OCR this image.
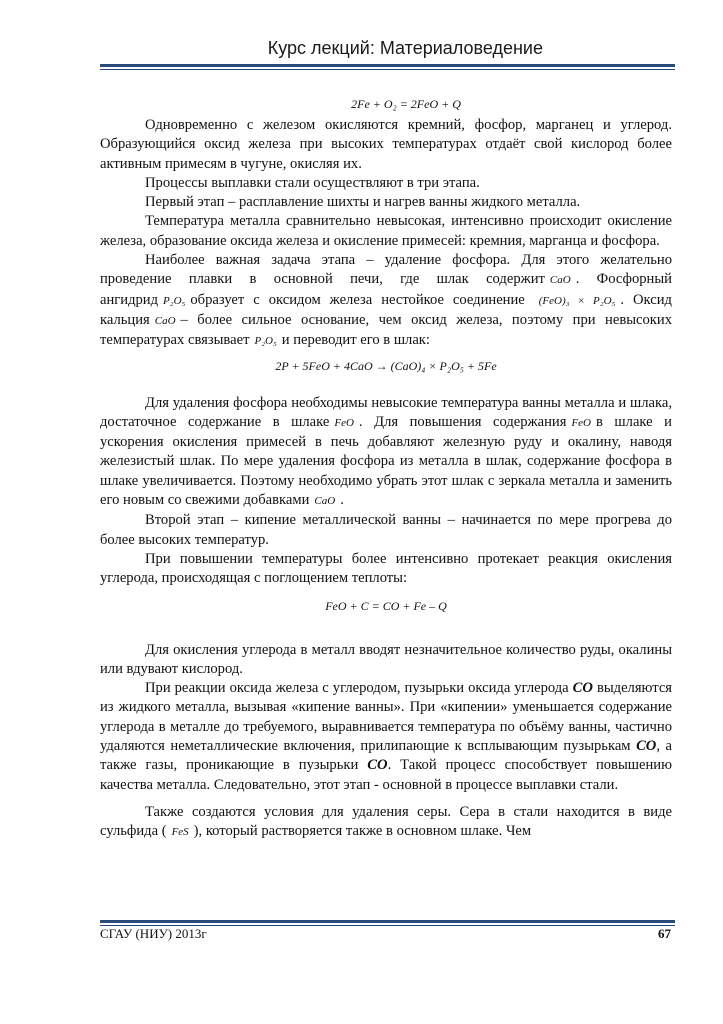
Курс лекций: Материаловедение

2Fe + O₂ = 2FeO + Q

Одновременно с железом окисляются кремний, фосфор, марганец и углерод. Образующийся оксид железа при высоких температурах отдаёт свой кислород более активным примесям в чугуне, окисляя их.

Процессы выплавки стали осуществляют в три этапа.

Первый этап – расплавление шихты и нагрев ванны жидкого металла.

Температура металла сравнительно невысокая, интенсивно происходит окисление железа, образование оксида железа и окисление примесей: кремния, марганца и фосфора.

Наиболее важная задача этапа – удаление фосфора. Для этого желательно проведение плавки в основной печи, где шлак содержит CaO . Фосфорный ангидрид P₂O₅ образует с оксидом железа нестойкое соединение (FeO)₃ × P₂O₅ . Оксид кальция CaO – более сильное основание, чем оксид железа, поэтому при невысоких температурах связывает P₂O₅ и переводит его в шлак:

2P + 5FeO + 4CaO → (CaO)₄ × P₂O₅ + 5Fe

Для удаления фосфора необходимы невысокие температура ванны металла и шлака, достаточное содержание в шлаке FeO . Для повышения содержания FeO в шлаке и ускорения окисления примесей в печь добавляют железную руду и окалину, наводя железистый шлак. По мере удаления фосфора из металла в шлак, содержание фосфора в шлаке увеличивается. Поэтому необходимо убрать этот шлак с зеркала металла и заменить его новым со свежими добавками CaO .

Второй этап – кипение металлической ванны – начинается по мере прогрева до более высоких температур.

При повышении температуры более интенсивно протекает реакция окисления углерода, происходящая с поглощением теплоты:

FeO + C = CO + Fe – Q

Для окисления углерода в металл вводят незначительное количество руды, окалины или вдувают кислород.

При реакции оксида железа с углеродом, пузырьки оксида углерода CO выделяются из жидкого металла, вызывая «кипение ванны». При «кипении» уменьшается содержание углерода в металле до требуемого, выравнивается температура по объёму ванны, частично удаляются неметаллические включения, прилипающие к всплывающим пузырькам CO, а также газы, проникающие в пузырьки CO. Такой процесс способствует повышению качества металла. Следовательно, этот этап - основной в процессе выплавки стали.

Также создаются условия для удаления серы. Сера в стали находится в виде сульфида ( FeS ), который растворяется также в основном шлаке. Чем

СГАУ (НИУ) 2013г	67
